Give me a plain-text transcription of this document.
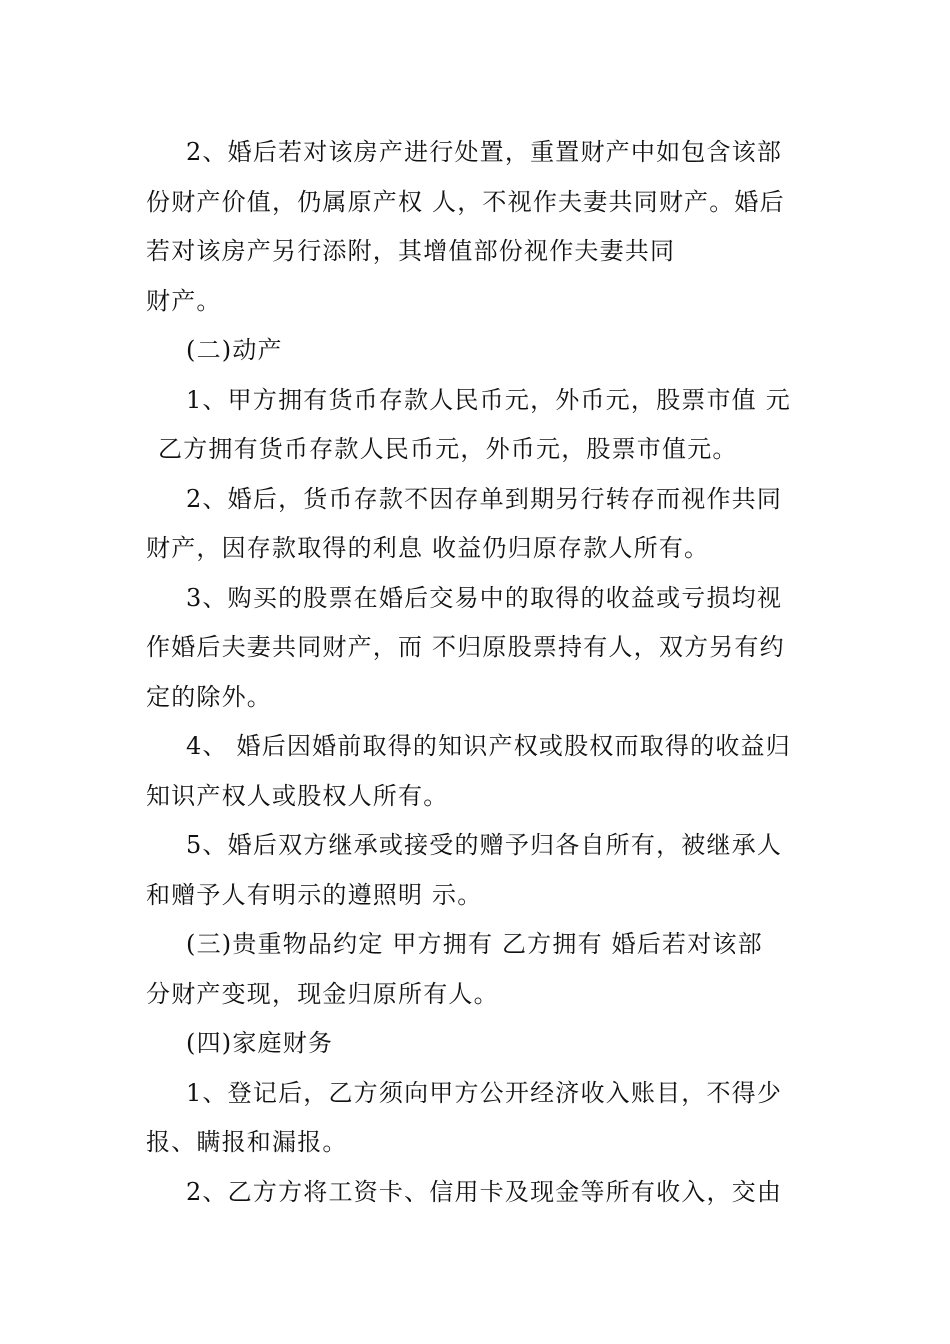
2、婚后若对该房产进行处置，重置财产中如包含该部
份财产价值，仍属原产权 人，不视作夫妻共同财产。婚后
若对该房产另行添附，其增值部份视作夫妻共同
财产。
(二)动产
1、甲方拥有货币存款人民币元，外币元，股票市值 元
乙方拥有货币存款人民币元，外币元，股票市值元。
2、婚后，货币存款不因存单到期另行转存而视作共同
财产，因存款取得的利息 收益仍归原存款人所有。
3、购买的股票在婚后交易中的取得的收益或亏损均视
作婚后夫妻共同财产，而 不归原股票持有人，双方另有约
定的除外。
4、 婚后因婚前取得的知识产权或股权而取得的收益归
知识产权人或股权人所有。
5、婚后双方继承或接受的赠予归各自所有，被继承人
和赠予人有明示的遵照明 示。
(三)贵重物品约定 甲方拥有 乙方拥有 婚后若对该部
分财产变现，现金归原所有人。
(四)家庭财务
1、登记后，乙方须向甲方公开经济收入账目，不得少
报、瞒报和漏报。
2、乙方方将工资卡、信用卡及现金等所有收入，交由
